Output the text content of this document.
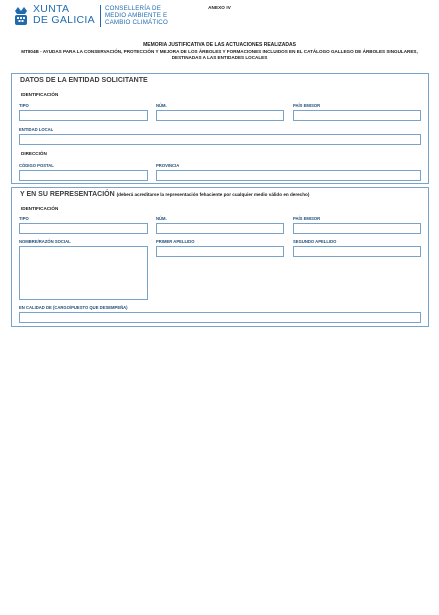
XUNTA
DE GALICIA
CONSELLERÍA DE
MEDIO AMBIENTE E
CAMBIO CLIMÁTICO
ANEXO IV
MEMORIA JUSTIFICATIVA DE LAS ACTUACIONES REALIZADAS
MT804B - AYUDAS PARA LA CONSERVACIÓN, PROTECCIÓN Y MEJORA DE LOS ÁRBOLES Y FORMACIONES INCLUIDOS EN EL CATÁLOGO GALLEGO DE ÁRBOLES SINGULARES, DESTINADAS A LAS ENTIDADES LOCALES
DATOS DE LA ENTIDAD SOLICITANTE
IDENTIFICACIÓN
TIPO	NÚM.	PAÍS EMISOR
ENTIDAD LOCAL
DIRECCIÓN
CÓDIGO POSTAL	PROVINCIA
Y EN SU REPRESENTACIÓN (deberá acreditarse la representación fehaciente por cualquier medio válido en derecho)
IDENTIFICACIÓN
TIPO	NÚM.	PAÍS EMISOR
NOMBRE/RAZÓN SOCIAL	PRIMER APELLIDO	SEGUNDO APELLIDO
EN CALIDAD DE (CARGO/PUESTO QUE DESEMPEÑA)
